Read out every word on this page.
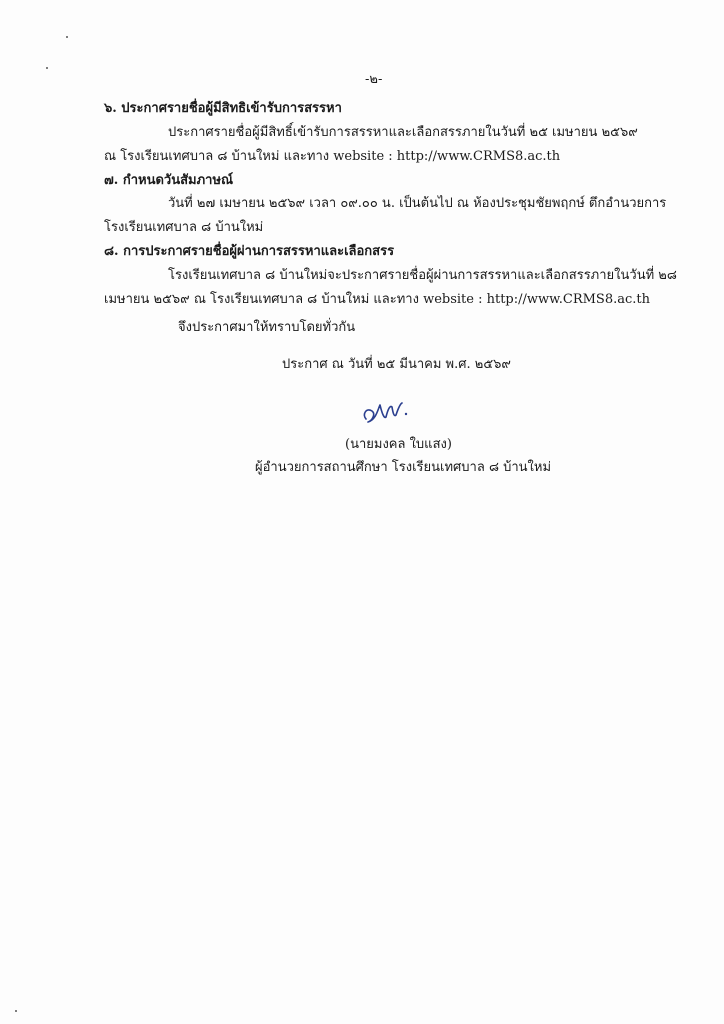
-๒-
๖. ประกาศรายชื่อผู้มีสิทธิเข้ารับการสรรหา
ประกาศรายชื่อผู้มีสิทธิ์เข้ารับการสรรหาและเลือกสรรภายในวันที่ ๒๕ เมษายน ๒๕๖๙
ณ โรงเรียนเทศบาล ๘ บ้านใหม่ และทาง website : http://www.CRMS8.ac.th
๗. กำหนดวันสัมภาษณ์
วันที่ ๒๗ เมษายน ๒๕๖๙ เวลา ๐๙.๐๐ น. เป็นต้นไป ณ ห้องประชุมชัยพฤกษ์ ตึกอำนวยการ
โรงเรียนเทศบาล ๘ บ้านใหม่
๘. การประกาศรายชื่อผู้ผ่านการสรรหาและเลือกสรร
โรงเรียนเทศบาล ๘ บ้านใหม่จะประกาศรายชื่อผู้ผ่านการสรรหาและเลือกสรรภายในวันที่ ๒๘
เมษายน ๒๕๖๙ ณ โรงเรียนเทศบาล ๘ บ้านใหม่ และทาง website : http://www.CRMS8.ac.th
จึงประกาศมาให้ทราบโดยทั่วกัน
ประกาศ ณ วันที่ ๒๕ มีนาคม พ.ศ. ๒๕๖๙
(นายมงคล ใบแสง)
ผู้อำนวยการสถานศึกษา โรงเรียนเทศบาล ๘ บ้านใหม่
